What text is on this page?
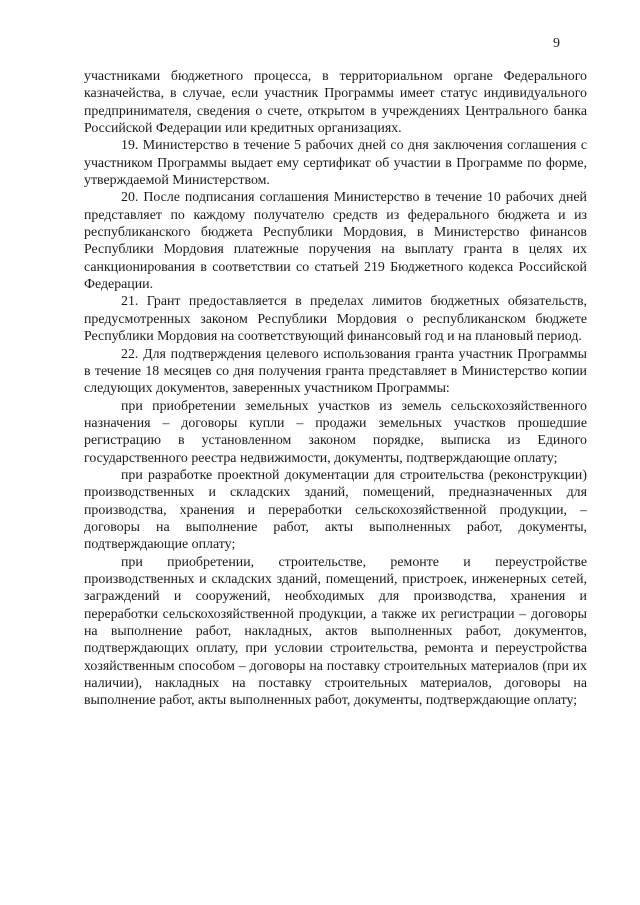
9

участниками бюджетного процесса, в территориальном органе Федерального казначейства, в случае, если участник Программы имеет статус индивидуального предпринимателя, сведения о счете, открытом в учреждениях Центрального банка Российской Федерации или кредитных организациях.

19. Министерство в течение 5 рабочих дней со дня заключения соглашения с участником Программы выдает ему сертификат об участии в Программе по форме, утверждаемой Министерством.

20. После подписания соглашения Министерство в течение 10 рабочих дней представляет по каждому получателю средств из федерального бюджета и из республиканского бюджета Республики Мордовия, в Министерство финансов Республики Мордовия платежные поручения на выплату гранта в целях их санкционирования в соответствии со статьей 219 Бюджетного кодекса Российской Федерации.

21. Грант предоставляется в пределах лимитов бюджетных обязательств, предусмотренных законом Республики Мордовия о республиканском бюджете Республики Мордовия на соответствующий финансовый год и на плановый период.

22. Для подтверждения целевого использования гранта участник Программы в течение 18 месяцев со дня получения гранта представляет в Министерство копии следующих документов, заверенных участником Программы:

при приобретении земельных участков из земель сельскохозяйственного назначения – договоры купли – продажи земельных участков прошедшие регистрацию в установленном законом порядке, выписка из Единого государственного реестра недвижимости, документы, подтверждающие оплату;

при разработке проектной документации для строительства (реконструкции) производственных и складских зданий, помещений, предназначенных для производства, хранения и переработки сельскохозяйственной продукции, – договоры на выполнение работ, акты выполненных работ, документы, подтверждающие оплату;

при приобретении, строительстве, ремонте и переустройстве производственных и складских зданий, помещений, пристроек, инженерных сетей, заграждений и сооружений, необходимых для производства, хранения и переработки сельскохозяйственной продукции, а также их регистрации – договоры на выполнение работ, накладных, актов выполненных работ, документов, подтверждающих оплату, при условии строительства, ремонта и переустройства хозяйственным способом – договоры на поставку строительных материалов (при их наличии), накладных на поставку строительных материалов, договоры на выполнение работ, акты выполненных работ, документы, подтверждающие оплату;
